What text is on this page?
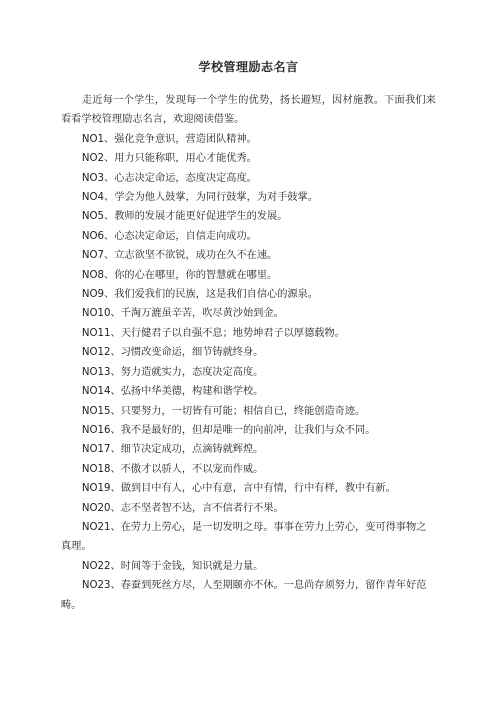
学校管理励志名言

走近每一个学生，发现每一个学生的优势，扬长避短，因材施教。下面我们来看看学校管理励志名言，欢迎阅读借鉴。

NO1、强化竞争意识，营造团队精神。
NO2、用力只能称职，用心才能优秀。
NO3、心志决定命运，态度决定高度。
NO4、学会为他人鼓掌，为同行鼓掌，为对手鼓掌。
NO5、教师的发展才能更好促进学生的发展。
NO6、心态决定命运，自信走向成功。
NO7、立志欲坚不欲锐，成功在久不在速。
NO8、你的心在哪里，你的智慧就在哪里。
NO9、我们爱我们的民族，这是我们自信心的源泉。
NO10、千淘万漉虽辛苦，吹尽黄沙始到金。
NO11、天行健君子以自强不息；地势坤君子以厚德载物。
NO12、习惯改变命运，细节铸就终身。
NO13、努力造就实力，态度决定高度。
NO14、弘扬中华美德，构建和谐学校。
NO15、只要努力，一切皆有可能；相信自已，终能创造奇迹。
NO16、我不是最好的，但却是唯一的向前冲，让我们与众不同。
NO17、细节决定成功，点滴铸就辉煌。
NO18、不傲才以骄人，不以宠而作威。
NO19、做到目中有人，心中有意，言中有情，行中有样，教中有新。
NO20、志不坚者智不达，言不信者行不果。
NO21、在劳力上劳心，是一切发明之母。事事在劳力上劳心，变可得事物之真理。
NO22、时间等于金钱，知识就是力量。
NO23、春蚕到死丝方尽，人至期颐亦不休。一息尚存须努力，留作青年好范畴。
